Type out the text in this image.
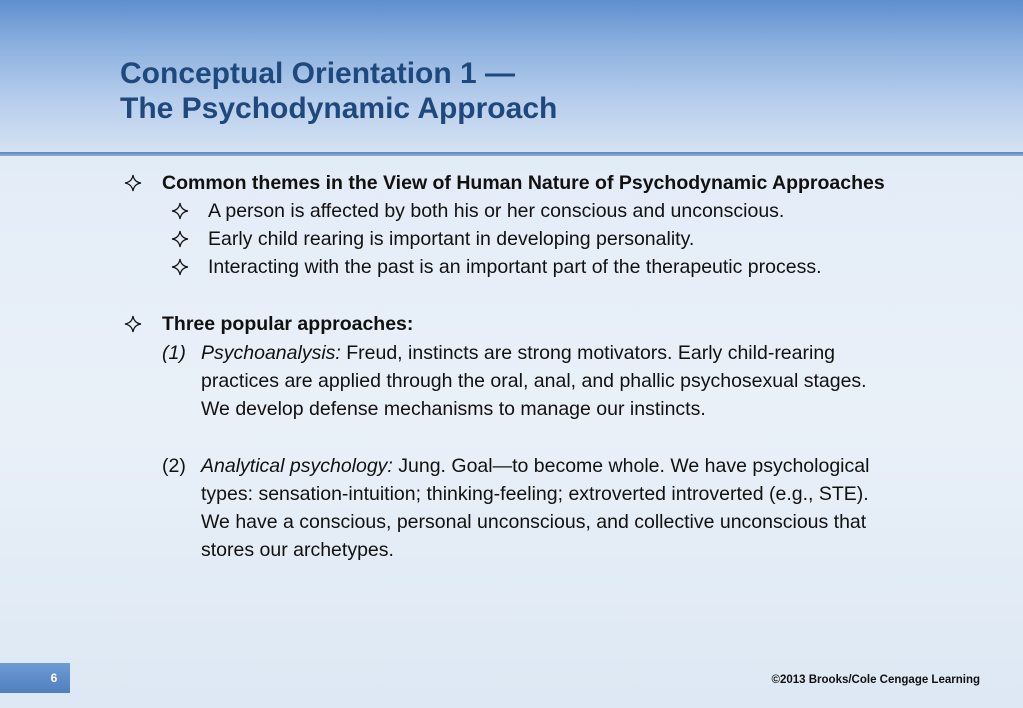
Conceptual Orientation 1 —
The Psychodynamic Approach
Common themes in the View of Human Nature of Psychodynamic Approaches
A person is affected by both his or her conscious and unconscious.
Early child rearing is important in developing personality.
Interacting with the past is an important part of the therapeutic process.
Three popular approaches:
(1) Psychoanalysis: Freud, instincts are strong motivators. Early child-rearing
practices are applied through the oral, anal, and phallic psychosexual stages.
We develop defense mechanisms to manage our instincts.
(2) Analytical psychology: Jung. Goal—to become whole. We have psychological
types: sensation-intuition; thinking-feeling; extroverted introverted (e.g., STE).
We have a conscious, personal unconscious, and collective unconscious that
stores our archetypes.
6	©2013 Brooks/Cole Cengage Learning
